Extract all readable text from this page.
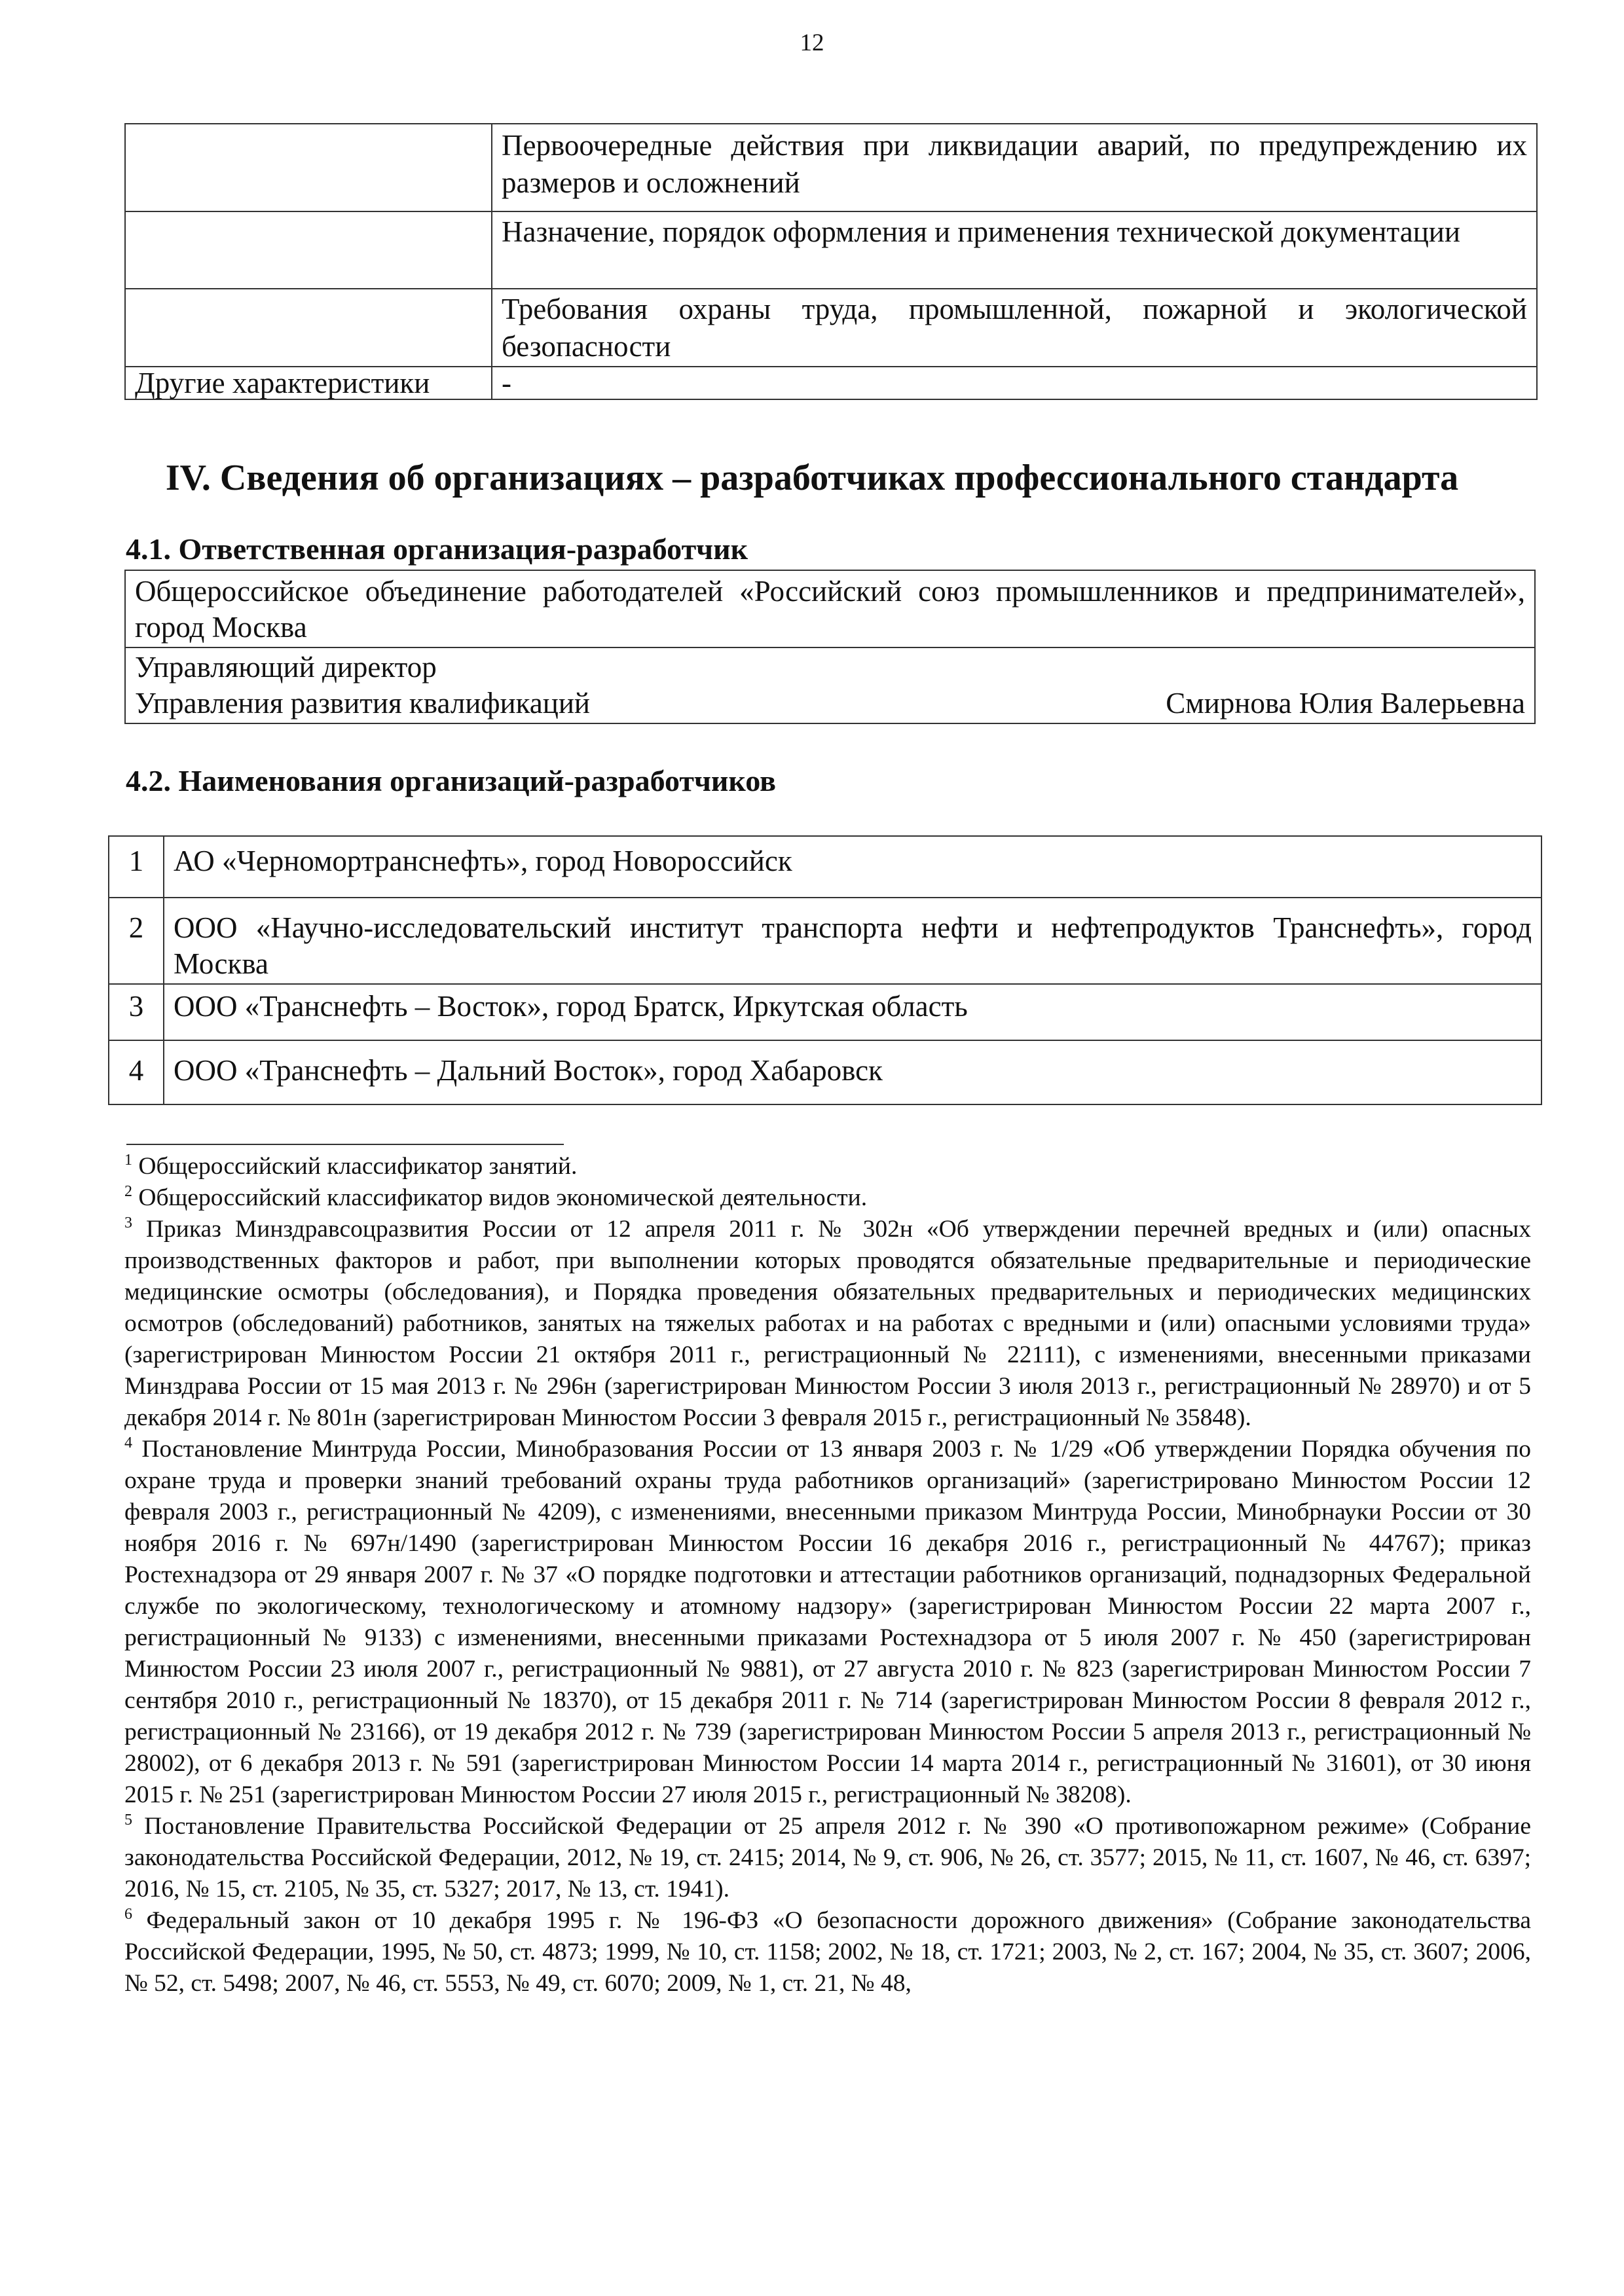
12
	Первоочередные действия при ликвидации аварий, по предупреждению их размеров и осложнений
	Назначение, порядок оформления и применения технической документации
	Требования охраны труда, промышленной, пожарной и экологической безопасности
Другие характеристики	-
IV. Сведения об организациях – разработчиках профессионального стандарта
4.1. Ответственная организация-разработчик
Общероссийское объединение работодателей «Российский союз промышленников и предпринимателей», город Москва

Управляющий директор
Управления развития квалификаций	Смирнова Юлия Валерьевна
4.2. Наименования организаций-разработчиков
1	АО «Черномортранснефть», город Новороссийск
2	ООО «Научно-исследовательский институт транспорта нефти и нефтепродуктов Транснефть», город Москва
3	ООО «Транснефть – Восток», город Братск, Иркутская область
4	ООО «Транснефть – Дальний Восток», город Хабаровск

$^1$ Общероссийский классификатор занятий.

$^2$ Общероссийский классификатор видов экономической деятельности.

$^3$ Приказ Минздравсоцразвития России от 12 апреля 2011 г. № 302н «Об утверждении перечней вредных и (или) опасных производственных факторов и работ, при выполнении которых проводятся обязательные предварительные и периодические медицинские осмотры (обследования), и Порядка проведения обязательных предварительных и периодических медицинских осмотров (обследований) работников, занятых на тяжелых работах и на работах с вредными и (или) опасными условиями труда» (зарегистрирован Минюстом России 21 октября 2011 г., регистрационный № 22111), с изменениями, внесенными приказами Минздрава России от 15 мая 2013 г. № 296н (зарегистрирован Минюстом России 3 июля 2013 г., регистрационный № 28970) и от 5 декабря 2014 г. № 801н (зарегистрирован Минюстом России 3 февраля 2015 г., регистрационный № 35848).

$^4$ Постановление Минтруда России, Минобразования России от 13 января 2003 г. № 1/29 «Об утверждении Порядка обучения по охране труда и проверки знаний требований охраны труда работников организаций» (зарегистрировано Минюстом России 12 февраля 2003 г., регистрационный № 4209), с изменениями, внесенными приказом Минтруда России, Минобрнауки России от 30 ноября 2016 г. № 697н/1490 (зарегистрирован Минюстом России 16 декабря 2016 г., регистрационный № 44767); приказ Ростехнадзора от 29 января 2007 г. № 37 «О порядке подготовки и аттестации работников организаций, поднадзорных Федеральной службе по экологическому, технологическому и атомному надзору» (зарегистрирован Минюстом России 22 марта 2007 г., регистрационный № 9133) с изменениями, внесенными приказами Ростехнадзора от 5 июля 2007 г. № 450 (зарегистрирован Минюстом России 23 июля 2007 г., регистрационный № 9881), от 27 августа 2010 г. № 823 (зарегистрирован Минюстом России 7 сентября 2010 г., регистрационный № 18370), от 15 декабря 2011 г. № 714 (зарегистрирован Минюстом России 8 февраля 2012 г., регистрационный № 23166), от 19 декабря 2012 г. № 739 (зарегистрирован Минюстом России 5 апреля 2013 г., регистрационный № 28002), от 6 декабря 2013 г. № 591 (зарегистрирован Минюстом России 14 марта 2014 г., регистрационный № 31601), от 30 июня 2015 г. № 251 (зарегистрирован Минюстом России 27 июля 2015 г., регистрационный № 38208).

$^5$ Постановление Правительства Российской Федерации от 25 апреля 2012 г. № 390 «О противопожарном режиме» (Собрание законодательства Российской Федерации, 2012, № 19, ст. 2415; 2014, № 9, ст. 906, № 26, ст. 3577; 2015, № 11, ст. 1607, № 46, ст. 6397; 2016, № 15, ст. 2105, № 35, ст. 5327; 2017, № 13, ст. 1941).

$^6$ Федеральный закон от 10 декабря 1995 г. № 196-ФЗ «О безопасности дорожного движения» (Собрание законодательства Российской Федерации, 1995, № 50, ст. 4873; 1999, № 10, ст. 1158; 2002, № 18, ст. 1721; 2003, № 2, ст. 167; 2004, № 35, ст. 3607; 2006, № 52, ст. 5498; 2007, № 46, ст. 5553, № 49, ст. 6070; 2009, № 1, ст. 21, № 48,
